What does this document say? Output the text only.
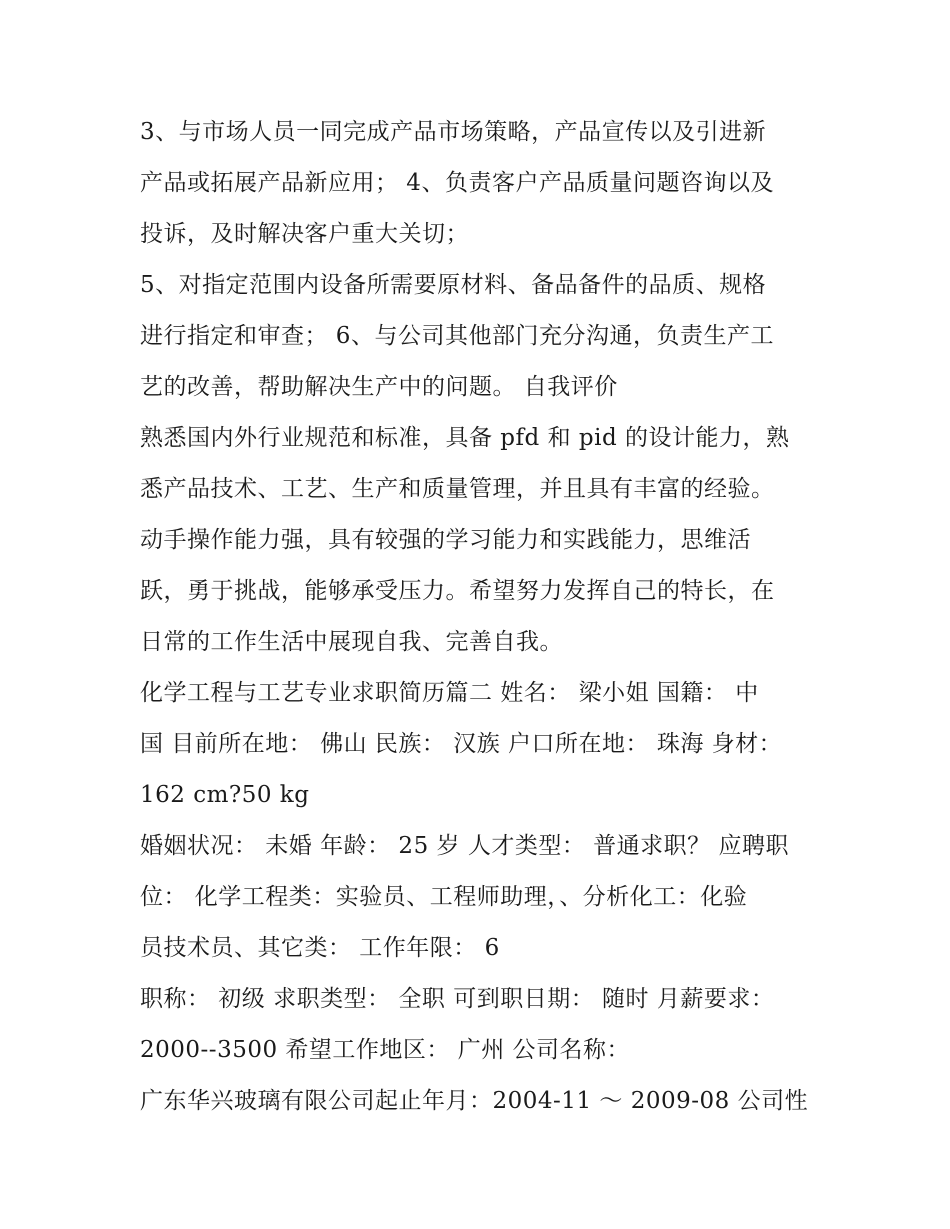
3、与市场人员一同完成产品市场策略，产品宣传以及引进新
产品或拓展产品新应用； 4、负责客户产品质量问题咨询以及
投诉，及时解决客户重大关切；
5、对指定范围内设备所需要原材料、备品备件的品质、规格
进行指定和审查； 6、与公司其他部门充分沟通，负责生产工
艺的改善，帮助解决生产中的问题。 自我评价
熟悉国内外行业规范和标准，具备 pfd 和 pid 的设计能力，熟
悉产品技术、工艺、生产和质量管理，并且具有丰富的经验。
动手操作能力强，具有较强的学习能力和实践能力，思维活
跃，勇于挑战，能够承受压力。希望努力发挥自己的特长，在
日常的工作生活中展现自我、完善自我。
化学工程与工艺专业求职简历篇二 姓名： 梁小姐 国籍： 中
国 目前所在地： 佛山 民族： 汉族 户口所在地： 珠海 身材：
162 cm?50 kg
婚姻状况： 未婚 年龄： 25 岁 人才类型： 普通求职？ 应聘职
位： 化学工程类：实验员、工程师助理，、分析化工：化验
员技术员、其它类： 工作年限： 6
职称： 初级 求职类型： 全职 可到职日期： 随时 月薪要求：
2000--3500 希望工作地区： 广州 公司名称：
广东华兴玻璃有限公司起止年月：2004-11 ～ 2009-08 公司性
